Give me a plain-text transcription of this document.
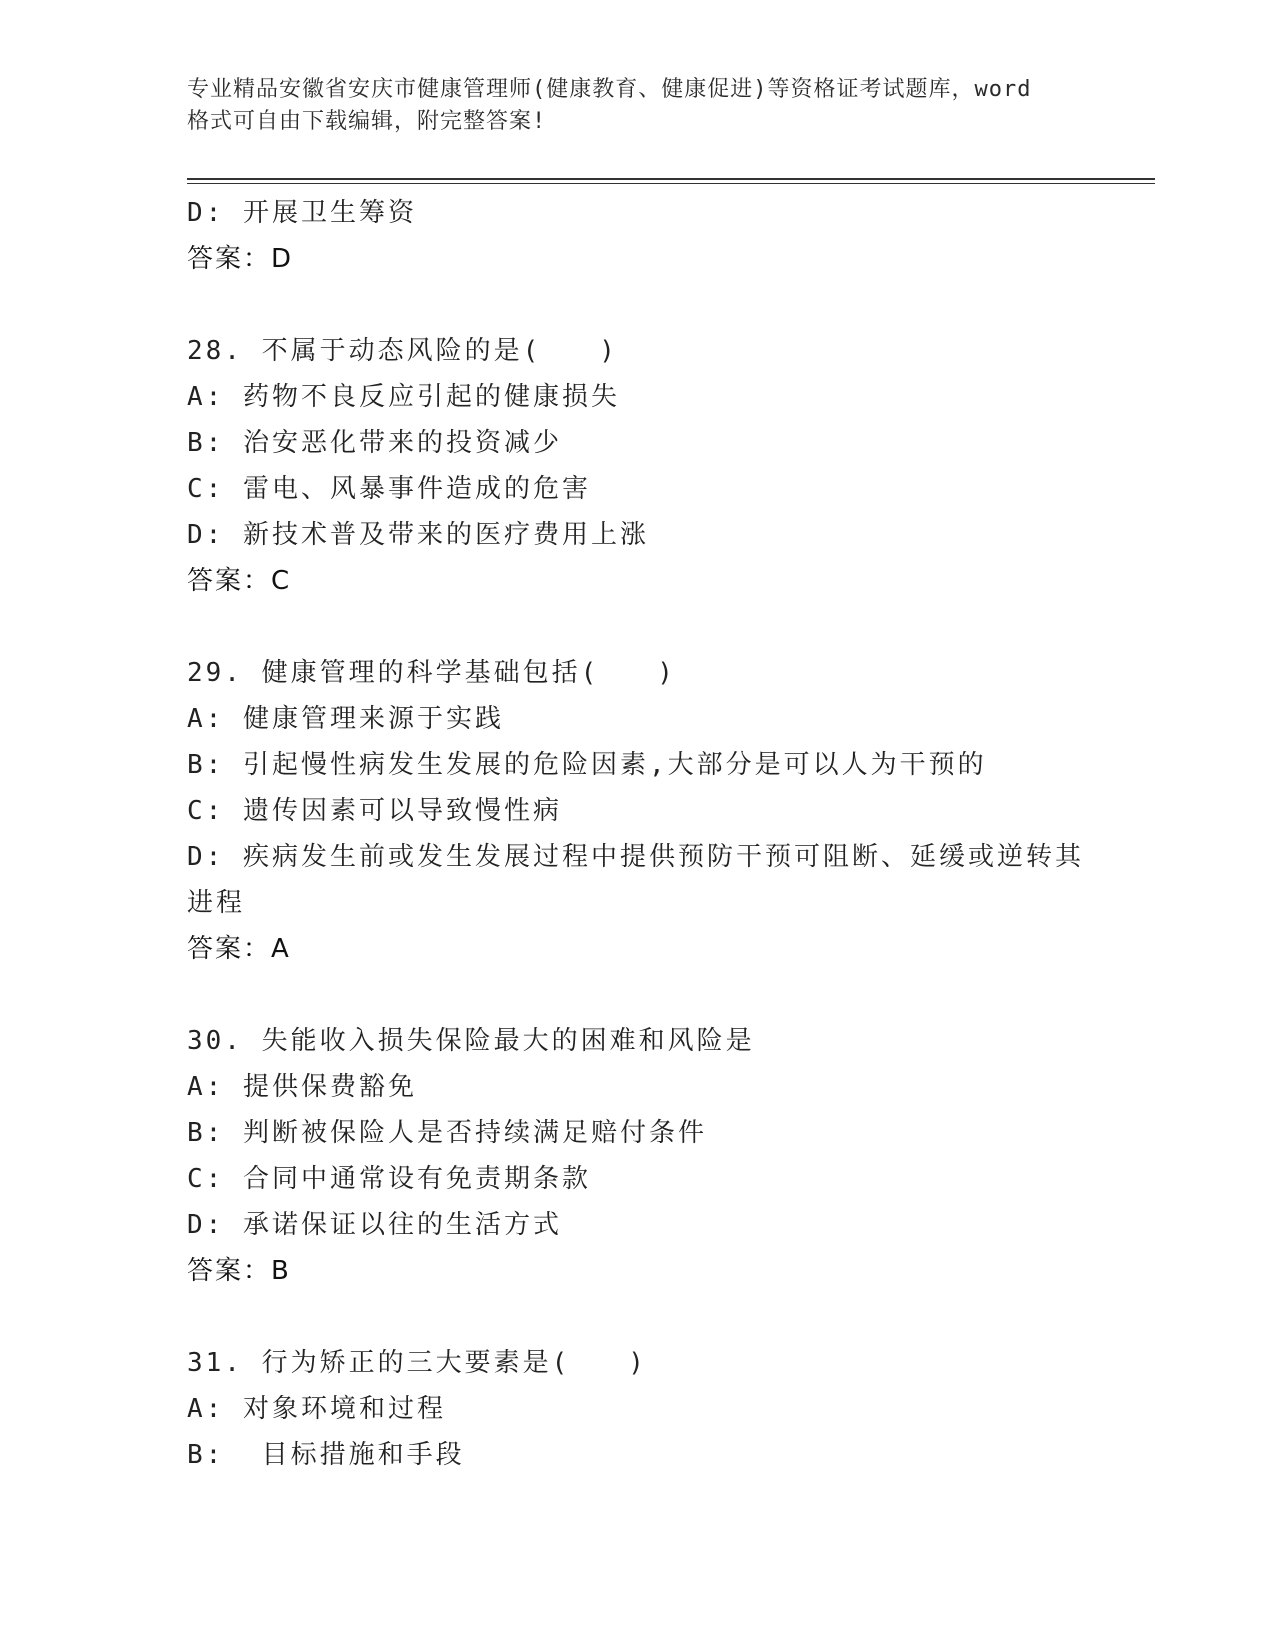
专业精品安徽省安庆市健康管理师(健康教育、健康促进)等资格证考试题库，word
格式可自由下载编辑，附完整答案!
D: 开展卫生筹资
答案：D
28. 不属于动态风险的是(　　)
A: 药物不良反应引起的健康损失
B: 治安恶化带来的投资减少
C: 雷电、风暴事件造成的危害
D: 新技术普及带来的医疗费用上涨
答案：C
29. 健康管理的科学基础包括(　　)
A: 健康管理来源于实践
B: 引起慢性病发生发展的危险因素,大部分是可以人为干预的
C: 遗传因素可以导致慢性病
D: 疾病发生前或发生发展过程中提供预防干预可阻断、延缓或逆转其进程
答案：A
30. 失能收入损失保险最大的困难和风险是
A: 提供保费豁免
B: 判断被保险人是否持续满足赔付条件
C: 合同中通常设有免责期条款
D: 承诺保证以往的生活方式
答案：B
31. 行为矫正的三大要素是(　　)
A: 对象环境和过程
B:  目标措施和手段
